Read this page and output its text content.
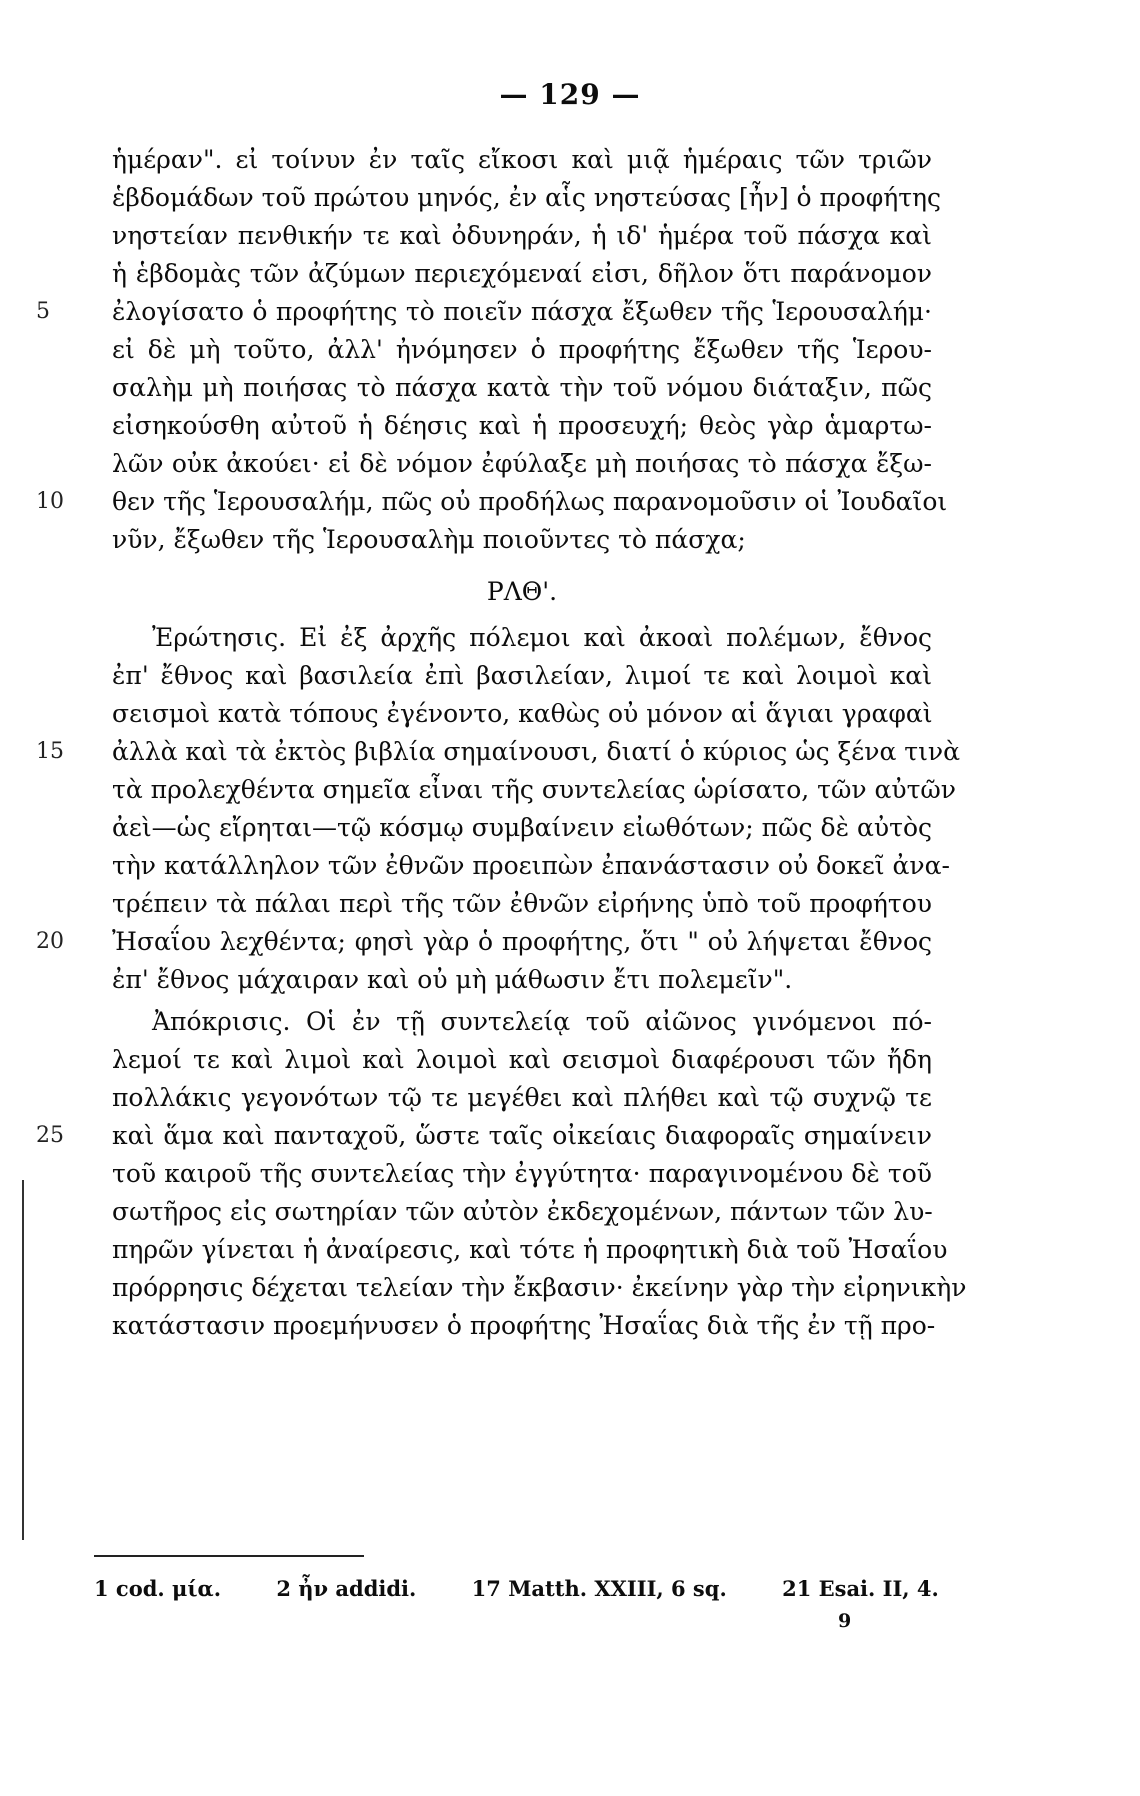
— 129 —
ἡμέραν". εἰ τοίνυν ἐν ταῖς εἴκοσι καὶ μιᾷ ἡμέραις τῶν τριῶν
ἑβδομάδων τοῦ πρώτου μηνός, ἐν αἷς νηστεύσας [ἦν] ὁ προφήτης
νηστείαν πενθικήν τε καὶ ὀδυνηράν, ἡ ιδ' ἡμέρα τοῦ πάσχα καὶ
ἡ ἑβδομὰς τῶν ἀζύμων περιεχόμεναί εἰσι, δῆλον ὅτι παράνομον
ἐλογίσατο ὁ προφήτης τὸ ποιεῖν πάσχα ἔξωθεν τῆς Ἱερουσαλήμ·
εἰ δὲ μὴ τοῦτο, ἀλλ' ἠνόμησεν ὁ προφήτης ἔξωθεν τῆς Ἱερου-
σαλὴμ μὴ ποιήσας τὸ πάσχα κατὰ τὴν τοῦ νόμου διάταξιν, πῶς
εἰσηκούσθη αὐτοῦ ἡ δέησις καὶ ἡ προσευχή; θεὸς γὰρ ἁμαρτω-
λῶν οὐκ ἀκούει· εἰ δὲ νόμον ἐφύλαξε μὴ ποιήσας τὸ πάσχα ἔξω-
θεν τῆς Ἱερουσαλήμ, πῶς οὐ προδήλως παρανομοῦσιν οἱ Ἰουδαῖοι
νῦν, ἔξωθεν τῆς Ἱερουσαλὴμ ποιοῦντες τὸ πάσχα;
ΡΛΘ'.
Ἐρώτησις. Εἰ ἐξ ἀρχῆς πόλεμοι καὶ ἀκοαὶ πολέμων, ἔθνος
ἐπ' ἔθνος καὶ βασιλεία ἐπὶ βασιλείαν, λιμοί τε καὶ λοιμοὶ καὶ
σεισμοὶ κατὰ τόπους ἐγένοντο, καθὼς οὐ μόνον αἱ ἅγιαι γραφαὶ
ἀλλὰ καὶ τὰ ἐκτὸς βιβλία σημαίνουσι, διατί ὁ κύριος ὡς ξένα τινὰ
τὰ προλεχθέντα σημεῖα εἶναι τῆς συντελείας ὡρίσατο, τῶν αὐτῶν
ἀεὶ—ὡς εἴρηται—τῷ κόσμῳ συμβαίνειν εἰωθότων; πῶς δὲ αὐτὸς
τὴν κατάλληλον τῶν ἐθνῶν προειπὼν ἐπανάστασιν οὐ δοκεῖ ἀνα-
τρέπειν τὰ πάλαι περὶ τῆς τῶν ἐθνῶν εἰρήνης ὑπὸ τοῦ προφήτου
Ἠσαΐου λεχθέντα; φησὶ γὰρ ὁ προφήτης, ὅτι " οὐ λήψεται ἔθνος
ἐπ' ἔθνος μάχαιραν καὶ οὐ μὴ μάθωσιν ἔτι πολεμεῖν".
Ἀπόκρισις. Οἱ ἐν τῇ συντελείᾳ τοῦ αἰῶνος γινόμενοι πό-
λεμοί τε καὶ λιμοὶ καὶ λοιμοὶ καὶ σεισμοὶ διαφέρουσι τῶν ἤδη
πολλάκις γεγονότων τῷ τε μεγέθει καὶ πλήθει καὶ τῷ συχνῷ τε
καὶ ἅμα καὶ πανταχοῦ, ὥστε ταῖς οἰκείαις διαφοραῖς σημαίνειν
τοῦ καιροῦ τῆς συντελείας τὴν ἐγγύτητα· παραγινομένου δὲ τοῦ
σωτῆρος εἰς σωτηρίαν τῶν αὐτὸν ἐκδεχομένων, πάντων τῶν λυ-
πηρῶν γίνεται ἡ ἀναίρεσις, καὶ τότε ἡ προφητικὴ διὰ τοῦ Ἠσαΐου
πρόρρησις δέχεται τελείαν τὴν ἔκβασιν· ἐκείνην γὰρ τὴν εἰρηνικὴν
κατάστασιν προεμήνυσεν ὁ προφήτης Ἠσαΐας διὰ τῆς ἐν τῇ προ-
5
10
15
20
25
1 cod. μία.	2 ἦν addidi.	17 Matth. XXIII, 6 sq.	21 Esai. II, 4.
9
